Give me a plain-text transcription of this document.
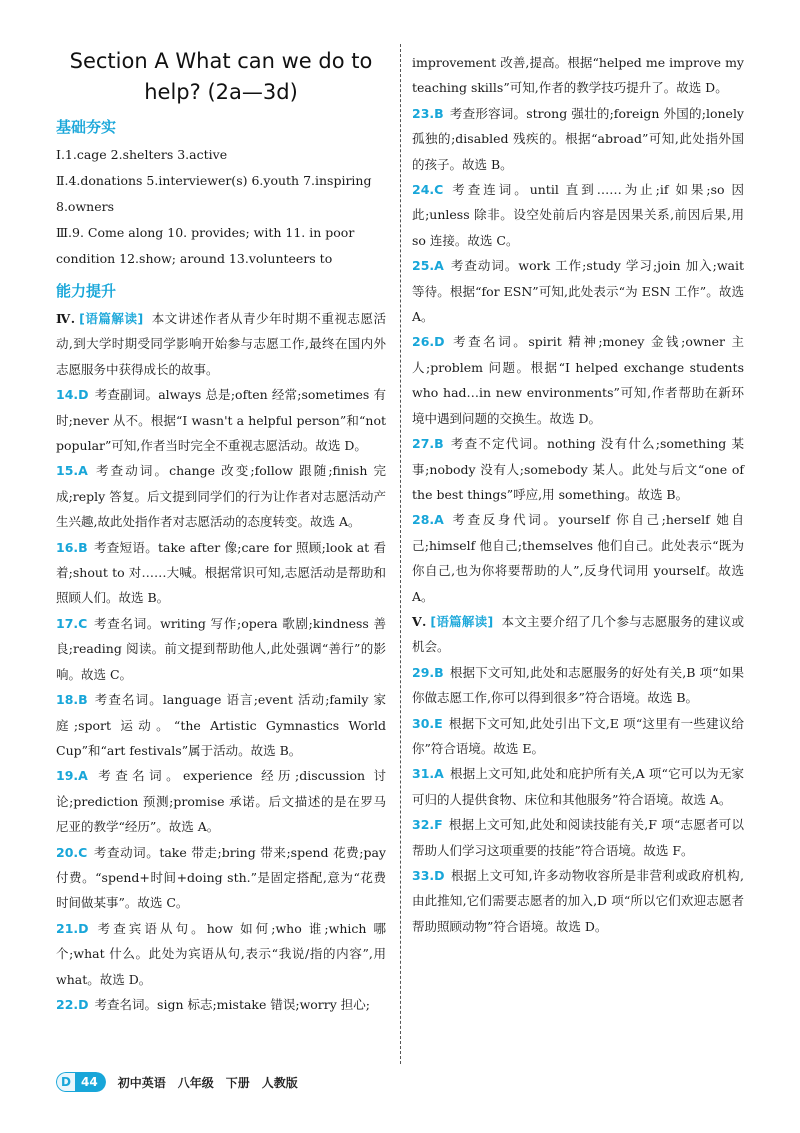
Section A What can we do to
help? (2a—3d)
基础夯实
Ⅰ.1.cage 2.shelters 3.active
Ⅱ.4.donations 5.interviewer(s) 6.youth 7.inspiring
8.owners
Ⅲ.9. Come along 10. provides; with 11. in poor
condition 12.show; around 13.volunteers to
能力提升

Ⅳ. [语篇解读] 本文讲述作者从青少年时期不重视志愿活动,到大学时期受同学影响开始参与志愿工作,最终在国内外志愿服务中获得成长的故事。

14.D 考查副词。always 总是;often 经常;sometimes 有时;never 从不。根据“I wasn't a helpful person”和“not popular”可知,作者当时完全不重视志愿活动。故选 D。

15.A 考查动词。change 改变;follow 跟随;finish 完成;reply 答复。后文提到同学们的行为让作者对志愿活动产生兴趣,故此处指作者对志愿活动的态度转变。故选 A。

16.B 考查短语。take after 像;care for 照顾;look at 看着;shout to 对……大喊。根据常识可知,志愿活动是帮助和照顾人们。故选 B。

17.C 考查名词。writing 写作;opera 歌剧;kindness 善良;reading 阅读。前文提到帮助他人,此处强调“善行”的影响。故选 C。

18.B 考查名词。language 语言;event 活动;family 家庭;sport 运动。“the Artistic Gymnastics World Cup”和“art festivals”属于活动。故选 B。

19.A 考查名词。experience 经历;discussion 讨论;prediction 预测;promise 承诺。后文描述的是在罗马尼亚的教学“经历”。故选 A。

20.C 考查动词。take 带走;bring 带来;spend 花费;pay 付费。“spend+时间+doing sth.”是固定搭配,意为“花费时间做某事”。故选 C。

21.D 考查宾语从句。how 如何;who 谁;which 哪个;what 什么。此处为宾语从句,表示“我说/指的内容”,用 what。故选 D。

22.D 考查名词。sign 标志;mistake 错误;worry 担心;

improvement 改善,提高。根据“helped me improve my teaching skills”可知,作者的教学技巧提升了。故选 D。

23.B 考查形容词。strong 强壮的;foreign 外国的;lonely 孤独的;disabled 残疾的。根据“abroad”可知,此处指外国的孩子。故选 B。

24.C 考查连词。until 直到……为止;if 如果;so 因此;unless 除非。设空处前后内容是因果关系,前因后果,用 so 连接。故选 C。

25.A 考查动词。work 工作;study 学习;join 加入;wait 等待。根据“for ESN”可知,此处表示“为 ESN 工作”。故选 A。

26.D 考查名词。spirit 精神;money 金钱;owner 主人;problem 问题。根据“I helped exchange students who had…in new environments”可知,作者帮助在新环境中遇到问题的交换生。故选 D。

27.B 考查不定代词。nothing 没有什么;something 某事;nobody 没有人;somebody 某人。此处与后文“one of the best things”呼应,用 something。故选 B。

28.A 考查反身代词。yourself 你自己;herself 她自己;himself 他自己;themselves 他们自己。此处表示“既为你自己,也为你将要帮助的人”,反身代词用 yourself。故选 A。

Ⅴ. [语篇解读] 本文主要介绍了几个参与志愿服务的建议或机会。

29.B 根据下文可知,此处和志愿服务的好处有关,B 项“如果你做志愿工作,你可以得到很多”符合语境。故选 B。

30.E 根据下文可知,此处引出下文,E 项“这里有一些建议给你”符合语境。故选 E。

31.A 根据上文可知,此处和庇护所有关,A 项“它可以为无家可归的人提供食物、床位和其他服务”符合语境。故选 A。

32.F 根据上文可知,此处和阅读技能有关,F 项“志愿者可以帮助人们学习这项重要的技能”符合语境。故选 F。

33.D 根据上文可知,许多动物收容所是非营利或政府机构,由此推知,它们需要志愿者的加入,D 项“所以它们欢迎志愿者帮助照顾动物”符合语境。故选 D。

D 44	初中英语 八年级 下册 人教版
